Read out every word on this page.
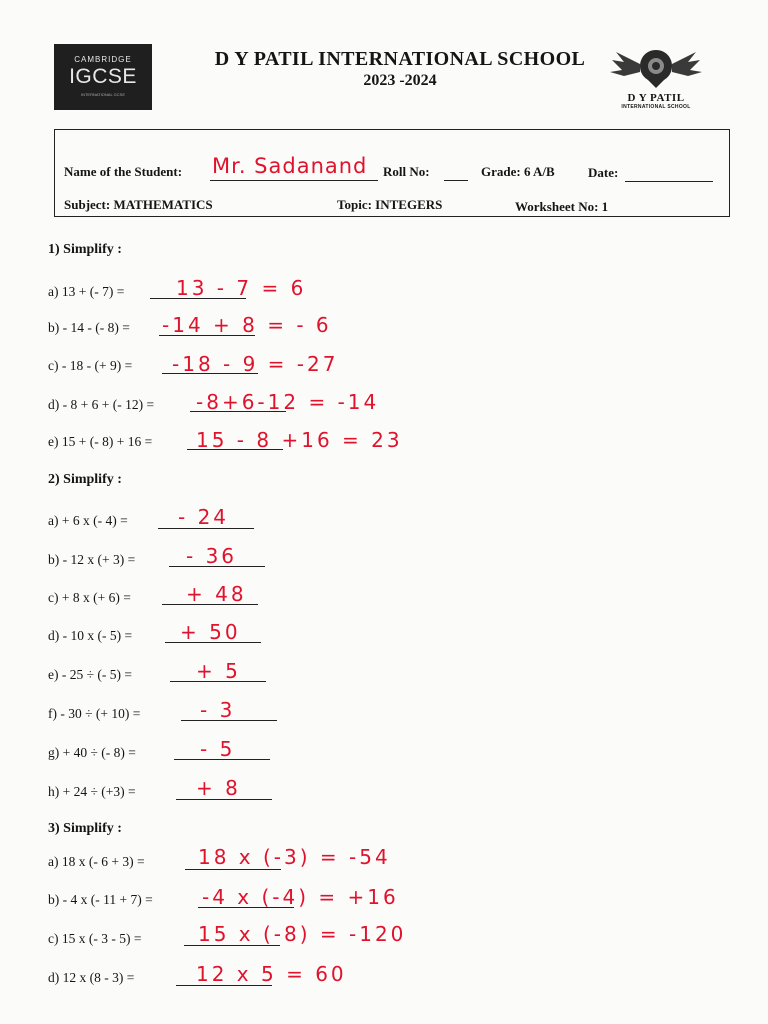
CAMBRIDGE
IGCSE
INTERNATIONAL GCSE
D Y PATIL INTERNATIONAL SCHOOL
2023 -2024
D Y PATIL
INTERNATIONAL SCHOOL
Name of the Student: Mr. Sadanand Roll No:	Grade: 6 A/B	Date:
Subject: MATHEMATICS	Topic: INTEGERS	Worksheet No: 1
1) Simplify :
a) 13 + (- 7) =	13 - 7 = 6
b) - 14 - (- 8) = -14 + 8 = - 6
c) - 18 - (+ 9) = -18 - 9 = -27
d) - 8 + 6 + (- 12) = -8+6-12 = -14
e) 15 + (- 8) + 16 = 15 - 8 +16 = 23
2) Simplify :
a) + 6 x (- 4) =	- 24
b) - 12 x (+ 3) =	- 36
c) + 8 x (+ 6) =	+ 48
d) - 10 x (- 5) = + 50
e) - 25 ÷ (- 5) =	+ 5
f) - 30 ÷ (+ 10) =	- 3
g) + 40 ÷ (- 8) =	- 5
h) + 24 ÷ (+3) =	+ 8
3) Simplify :
a) 18 x (- 6 + 3) =	18 x (-3) = -54
b) - 4 x (- 11 + 7) = -4 x (-4) = +16
c) 15 x (- 3 - 5) =	15 x (-8) = -120
d) 12 x (8 - 3) =	12 x 5 = 60
